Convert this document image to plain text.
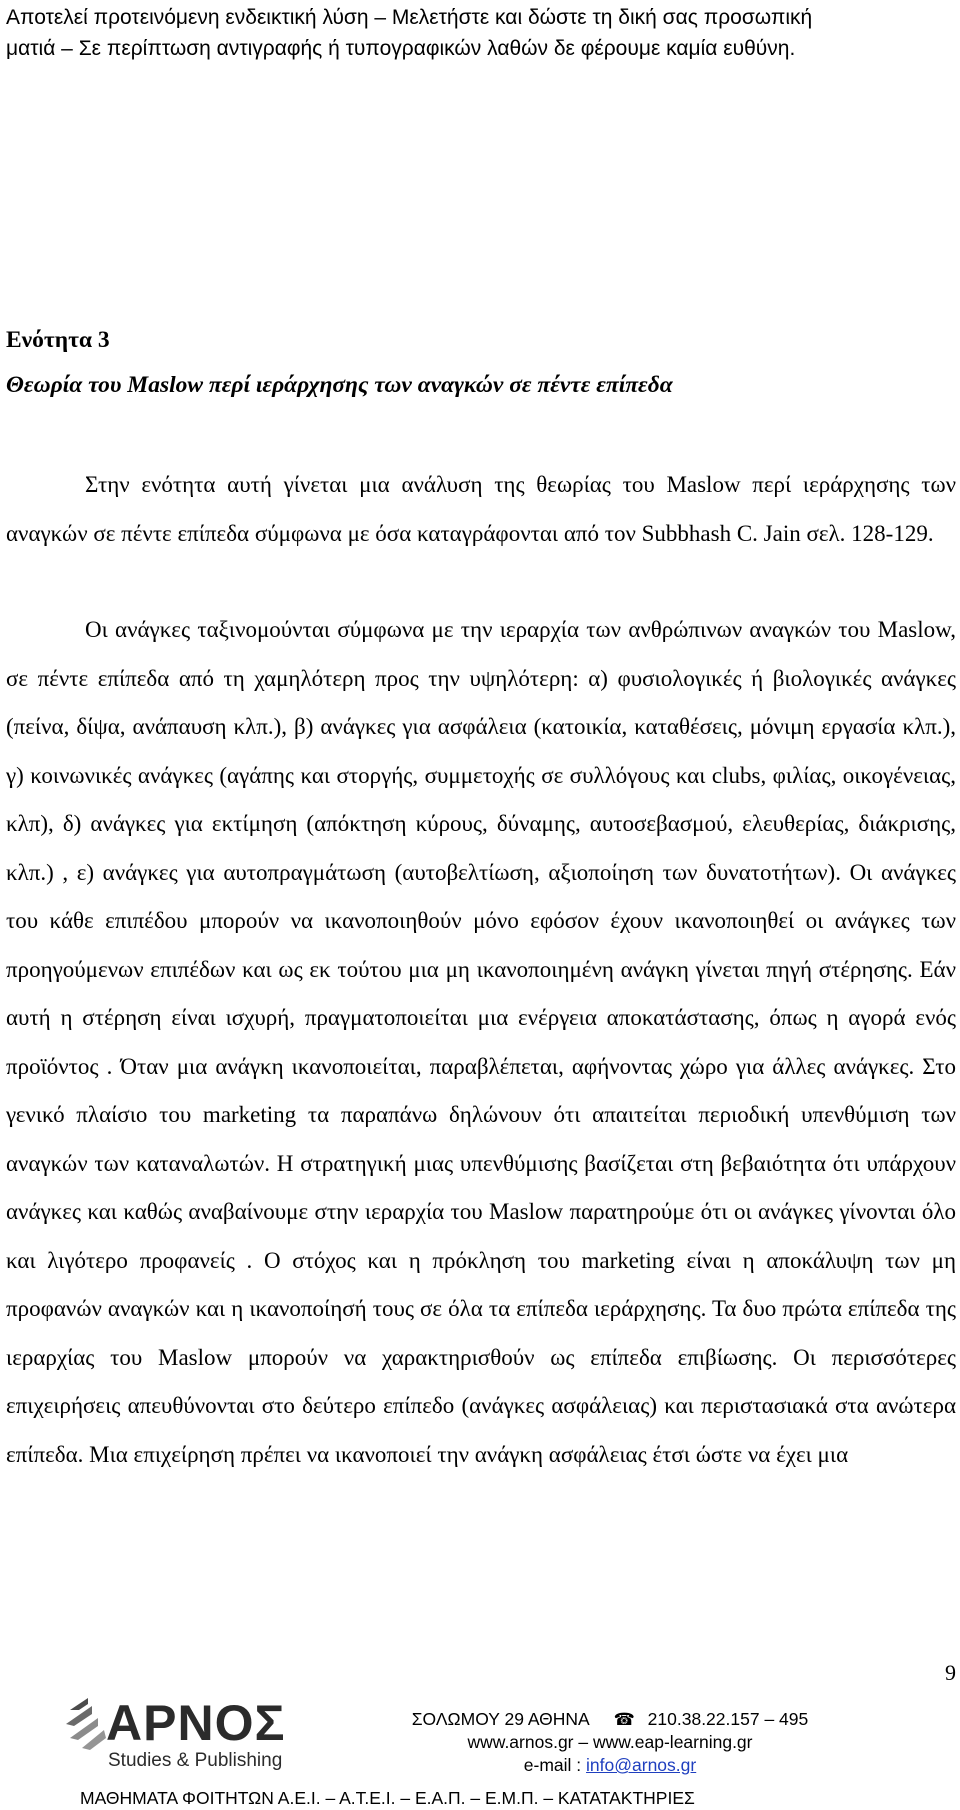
Αποτελεί προτεινόμενη ενδεικτική λύση – Μελετήστε και δώστε τη δική σας προσωπική
ματιά – Σε περίπτωση αντιγραφής ή τυπογραφικών λαθών δε φέρουμε καμία ευθύνη.
Ενότητα 3
Θεωρία του Maslow περί ιεράρχησης των αναγκών σε πέντε επίπεδα

Στην ενότητα αυτή γίνεται μια ανάλυση της θεωρίας του Maslow περί ιεράρχησης των αναγκών σε πέντε επίπεδα σύμφωνα με όσα καταγράφονται από τον Subbhash C. Jain σελ. 128-129.

Οι ανάγκες ταξινομούνται σύμφωνα με την ιεραρχία των ανθρώπινων αναγκών του Maslow, σε πέντε επίπεδα από τη χαμηλότερη προς την υψηλότερη: α) φυσιολογικές ή βιολογικές ανάγκες (πείνα, δίψα, ανάπαυση κλπ.), β) ανάγκες για ασφάλεια (κατοικία, καταθέσεις, μόνιμη εργασία κλπ.), γ) κοινωνικές ανάγκες (αγάπης και στοργής, συμμετοχής σε συλλόγους και clubs, φιλίας, οικογένειας, κλπ), δ) ανάγκες για εκτίμηση (απόκτηση κύρους, δύναμης, αυτοσεβασμού, ελευθερίας, διάκρισης, κλπ.) , ε) ανάγκες για αυτοπραγμάτωση (αυτοβελτίωση, αξιοποίηση των δυνατοτήτων). Οι ανάγκες του κάθε επιπέδου μπορούν να ικανοποιηθούν μόνο εφόσον έχουν ικανοποιηθεί οι ανάγκες των προηγούμενων επιπέδων και ως εκ τούτου μια μη ικανοποιημένη ανάγκη γίνεται πηγή στέρησης. Εάν αυτή η στέρηση είναι ισχυρή, πραγματοποιείται μια ενέργεια αποκατάστασης, όπως η αγορά ενός προϊόντος . Όταν μια ανάγκη ικανοποιείται, παραβλέπεται, αφήνοντας χώρο για άλλες ανάγκες. Στο γενικό πλαίσιο του marketing τα παραπάνω δηλώνουν ότι απαιτείται περιοδική υπενθύμιση των αναγκών των καταναλωτών. Η στρατηγική μιας υπενθύμισης βασίζεται στη βεβαιότητα ότι υπάρχουν ανάγκες και καθώς αναβαίνουμε στην ιεραρχία του Maslow παρατηρούμε ότι οι ανάγκες γίνονται όλο και λιγότερο προφανείς . Ο στόχος και η πρόκληση του marketing είναι η αποκάλυψη των μη προφανών αναγκών και η ικανοποίησή τους σε όλα τα επίπεδα ιεράρχησης. Τα δυο πρώτα επίπεδα της ιεραρχίας του Maslow μπορούν να χαρακτηρισθούν ως επίπεδα επιβίωσης. Οι περισσότερες επιχειρήσεις απευθύνονται στο δεύτερο επίπεδο (ανάγκες ασφάλειας) και περιστασιακά στα ανώτερα επίπεδα. Μια επιχείρηση πρέπει να ικανοποιεί την ανάγκη ασφάλειας έτσι ώστε να έχει μια

9
ΑΡΝΟΣ
Studies & Publishing
ΣΟΛΩΜΟΥ 29 ΑΘΗΝΑ ☎ 210.38.22.157 – 495
www.arnos.gr – www.eap-learning.gr
e-mail : info@arnos.gr
ΜΑΘΗΜΑΤΑ ΦΟΙΤΗΤΩΝ Α.Ε.Ι. – Α.Τ.Ε.Ι. – Ε.Α.Π. – Ε.Μ.Π. – ΚΑΤΑΤΑΚΤΗΡΙΕΣ
